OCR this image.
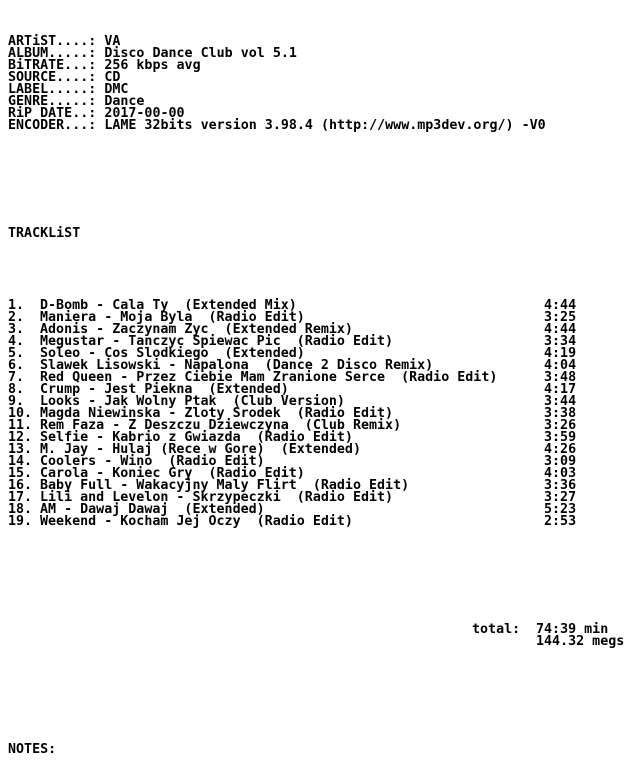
ARTiST....: VA
ALBUM.....: Disco Dance Club vol 5.1
BiTRATE...: 256 kbps avg
SOURCE....: CD
LABEL.....: DMC
GENRE.....: Dance
RiP DATE..: 2017-00-00
ENCODER...: LAME 32bits version 3.98.4 (http://www.mp3dev.org/) -V0

TRACKLiST

1. D-Bomb - Cala Ty  (Extended Mix)	4:44
2. Maniera - Moja Byla  (Radio Edit)	3:25
3. Adonis - Zaczynam Zyc  (Extended Remix)	4:44
4. Megustar - Tanczyc Spiewac Pic  (Radio Edit)	3:34
5. Soleo - Cos Slodkiego  (Extended)	4:19
6. Slawek Lisowski - Napalona  (Dance 2 Disco Remix)	4:04
7. Red Queen - Przez Ciebie Mam Zranione Serce  (Radio Edit)	3:48
8. Crump - Jest Piekna  (Extended)	4:17
9. Looks - Jak Wolny Ptak  (Club Version)	3:44
10. Magda Niewinska - Zloty Srodek  (Radio Edit)	3:38
11. Rem Faza - Z Deszczu Dziewczyna  (Club Remix)	3:26
12. Selfie - Kabrio z Gwiazda  (Radio Edit)	3:59
13. M. Jay - Hulaj (Rece w Gore)  (Extended)	4:26
14. Coolers - Wino  (Radio Edit)	3:09
15. Carola - Koniec Gry  (Radio Edit)	4:03
16. Baby Full - Wakacyjny Maly Flirt  (Radio Edit)	3:36
17. Lili and Levelon - Skrzypeczki  (Radio Edit)	3:27
18. AM - Dawaj Dawaj  (Extended)	5:23
19. Weekend - Kocham Jej Oczy  (Radio Edit)	2:53

total:

74:39 min

144.32 megs

NOTES:
